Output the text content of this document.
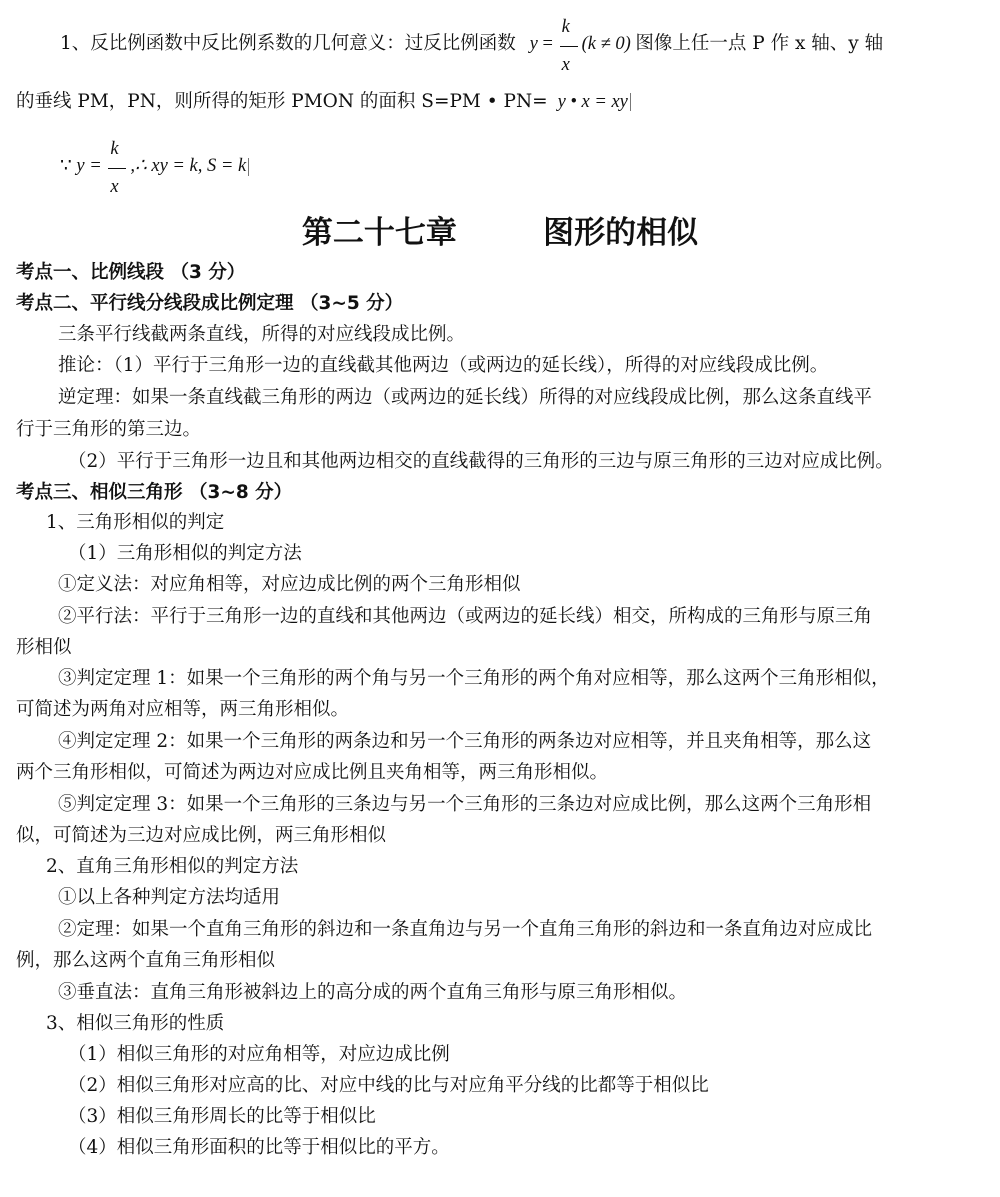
1、反比例函数中反比例系数的几何意义：过反比例函数 $y = \frac{k}{x} (k \ne 0)$ 图像上任一点 P 作 x 轴、y 轴
的垂线 PM，PN，则所得的矩形 PMON 的面积 S=PM • PN= y • x = xy
∵ $y = \frac{k}{x}$ ,∴ xy = k, S = k
第二十七章        图形的相似
考点一、比例线段 （3 分）
考点二、平行线分线段成比例定理 （3~5 分）
三条平行线截两条直线，所得的对应线段成比例。
推论：（1）平行于三角形一边的直线截其他两边（或两边的延长线），所得的对应线段成比例。
逆定理：如果一条直线截三角形的两边（或两边的延长线）所得的对应线段成比例，那么这条直线平
行于三角形的第三边。
（2）平行于三角形一边且和其他两边相交的直线截得的三角形的三边与原三角形的三边对应成比例。
考点三、相似三角形 （3~8 分）
1、三角形相似的判定
（1）三角形相似的判定方法
①定义法：对应角相等，对应边成比例的两个三角形相似
②平行法：平行于三角形一边的直线和其他两边（或两边的延长线）相交，所构成的三角形与原三角
形相似
③判定定理 1：如果一个三角形的两个角与另一个三角形的两个角对应相等，那么这两个三角形相似，
可简述为两角对应相等，两三角形相似。
④判定定理 2：如果一个三角形的两条边和另一个三角形的两条边对应相等，并且夹角相等，那么这
两个三角形相似，可简述为两边对应成比例且夹角相等，两三角形相似。
⑤判定定理 3：如果一个三角形的三条边与另一个三角形的三条边对应成比例，那么这两个三角形相
似，可简述为三边对应成比例，两三角形相似
2、直角三角形相似的判定方法
①以上各种判定方法均适用
②定理：如果一个直角三角形的斜边和一条直角边与另一个直角三角形的斜边和一条直角边对应成比
例，那么这两个直角三角形相似
③垂直法：直角三角形被斜边上的高分成的两个直角三角形与原三角形相似。
3、相似三角形的性质
（1）相似三角形的对应角相等，对应边成比例
（2）相似三角形对应高的比、对应中线的比与对应角平分线的比都等于相似比
（3）相似三角形周长的比等于相似比
（4）相似三角形面积的比等于相似比的平方。
